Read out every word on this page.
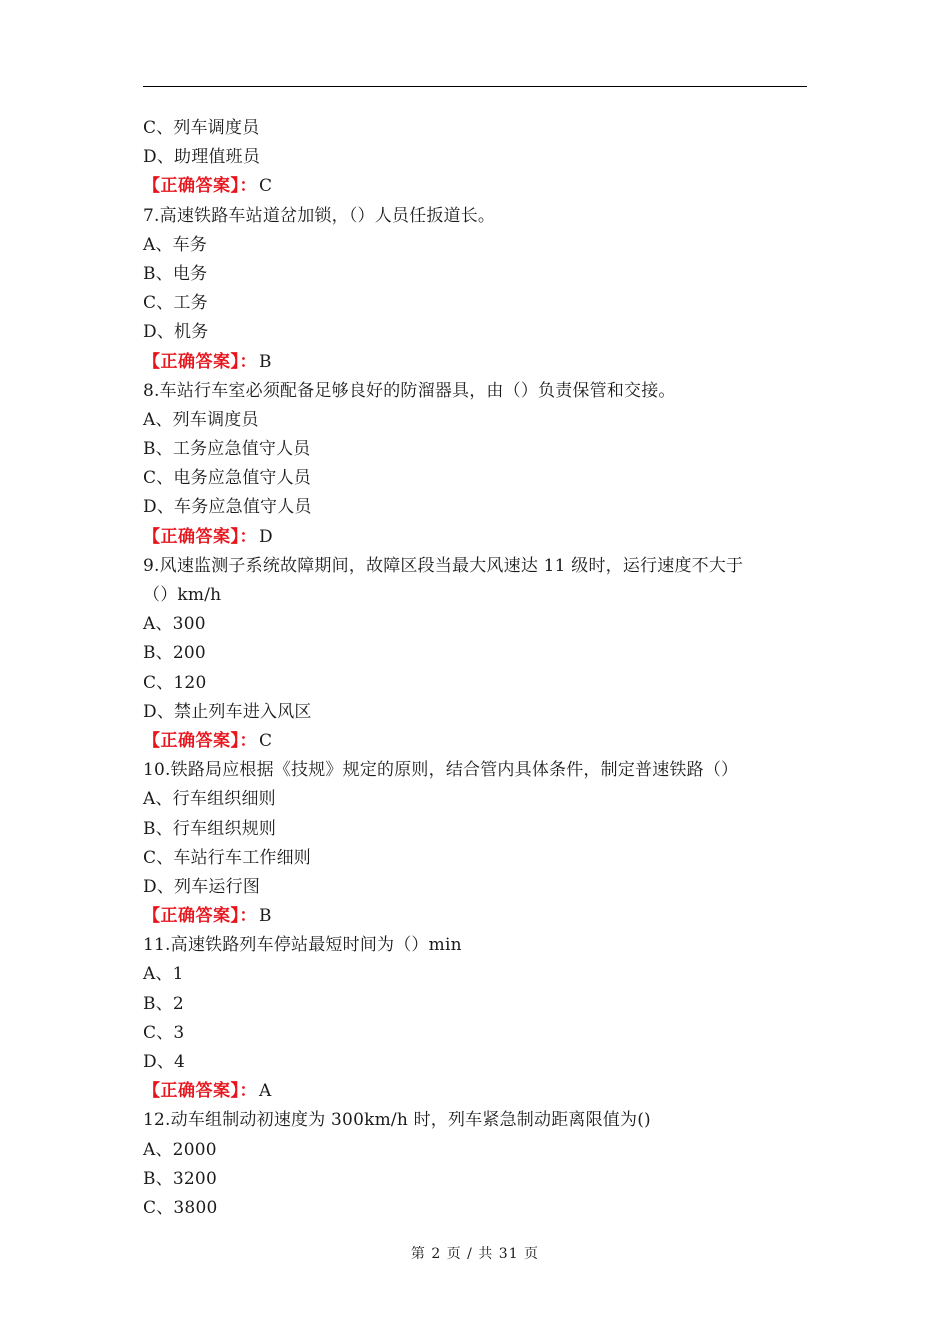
C、列车调度员
D、助理值班员
【正确答案】： C
7.高速铁路车站道岔加锁，（）人员任扳道长。
A、车务
B、电务
C、工务
D、机务
【正确答案】： B
8.车站行车室必须配备足够良好的防溜器具，由（）负责保管和交接。
A、列车调度员
B、工务应急值守人员
C、电务应急值守人员
D、车务应急值守人员
【正确答案】： D
9.风速监测子系统故障期间，故障区段当最大风速达 11 级时，运行速度不大于
（）km/h
A、300
B、200
C、120
D、禁止列车进入风区
【正确答案】： C
10.铁路局应根据《技规》规定的原则，结合管内具体条件，制定普速铁路（）
A、行车组织细则
B、行车组织规则
C、车站行车工作细则
D、列车运行图
【正确答案】： B
11.高速铁路列车停站最短时间为（）min
A、1
B、2
C、3
D、4
【正确答案】： A
12.动车组制动初速度为 300km/h 时，列车紧急制动距离限值为()
A、2000
B、3200
C、3800
第 2 页 / 共 31 页
